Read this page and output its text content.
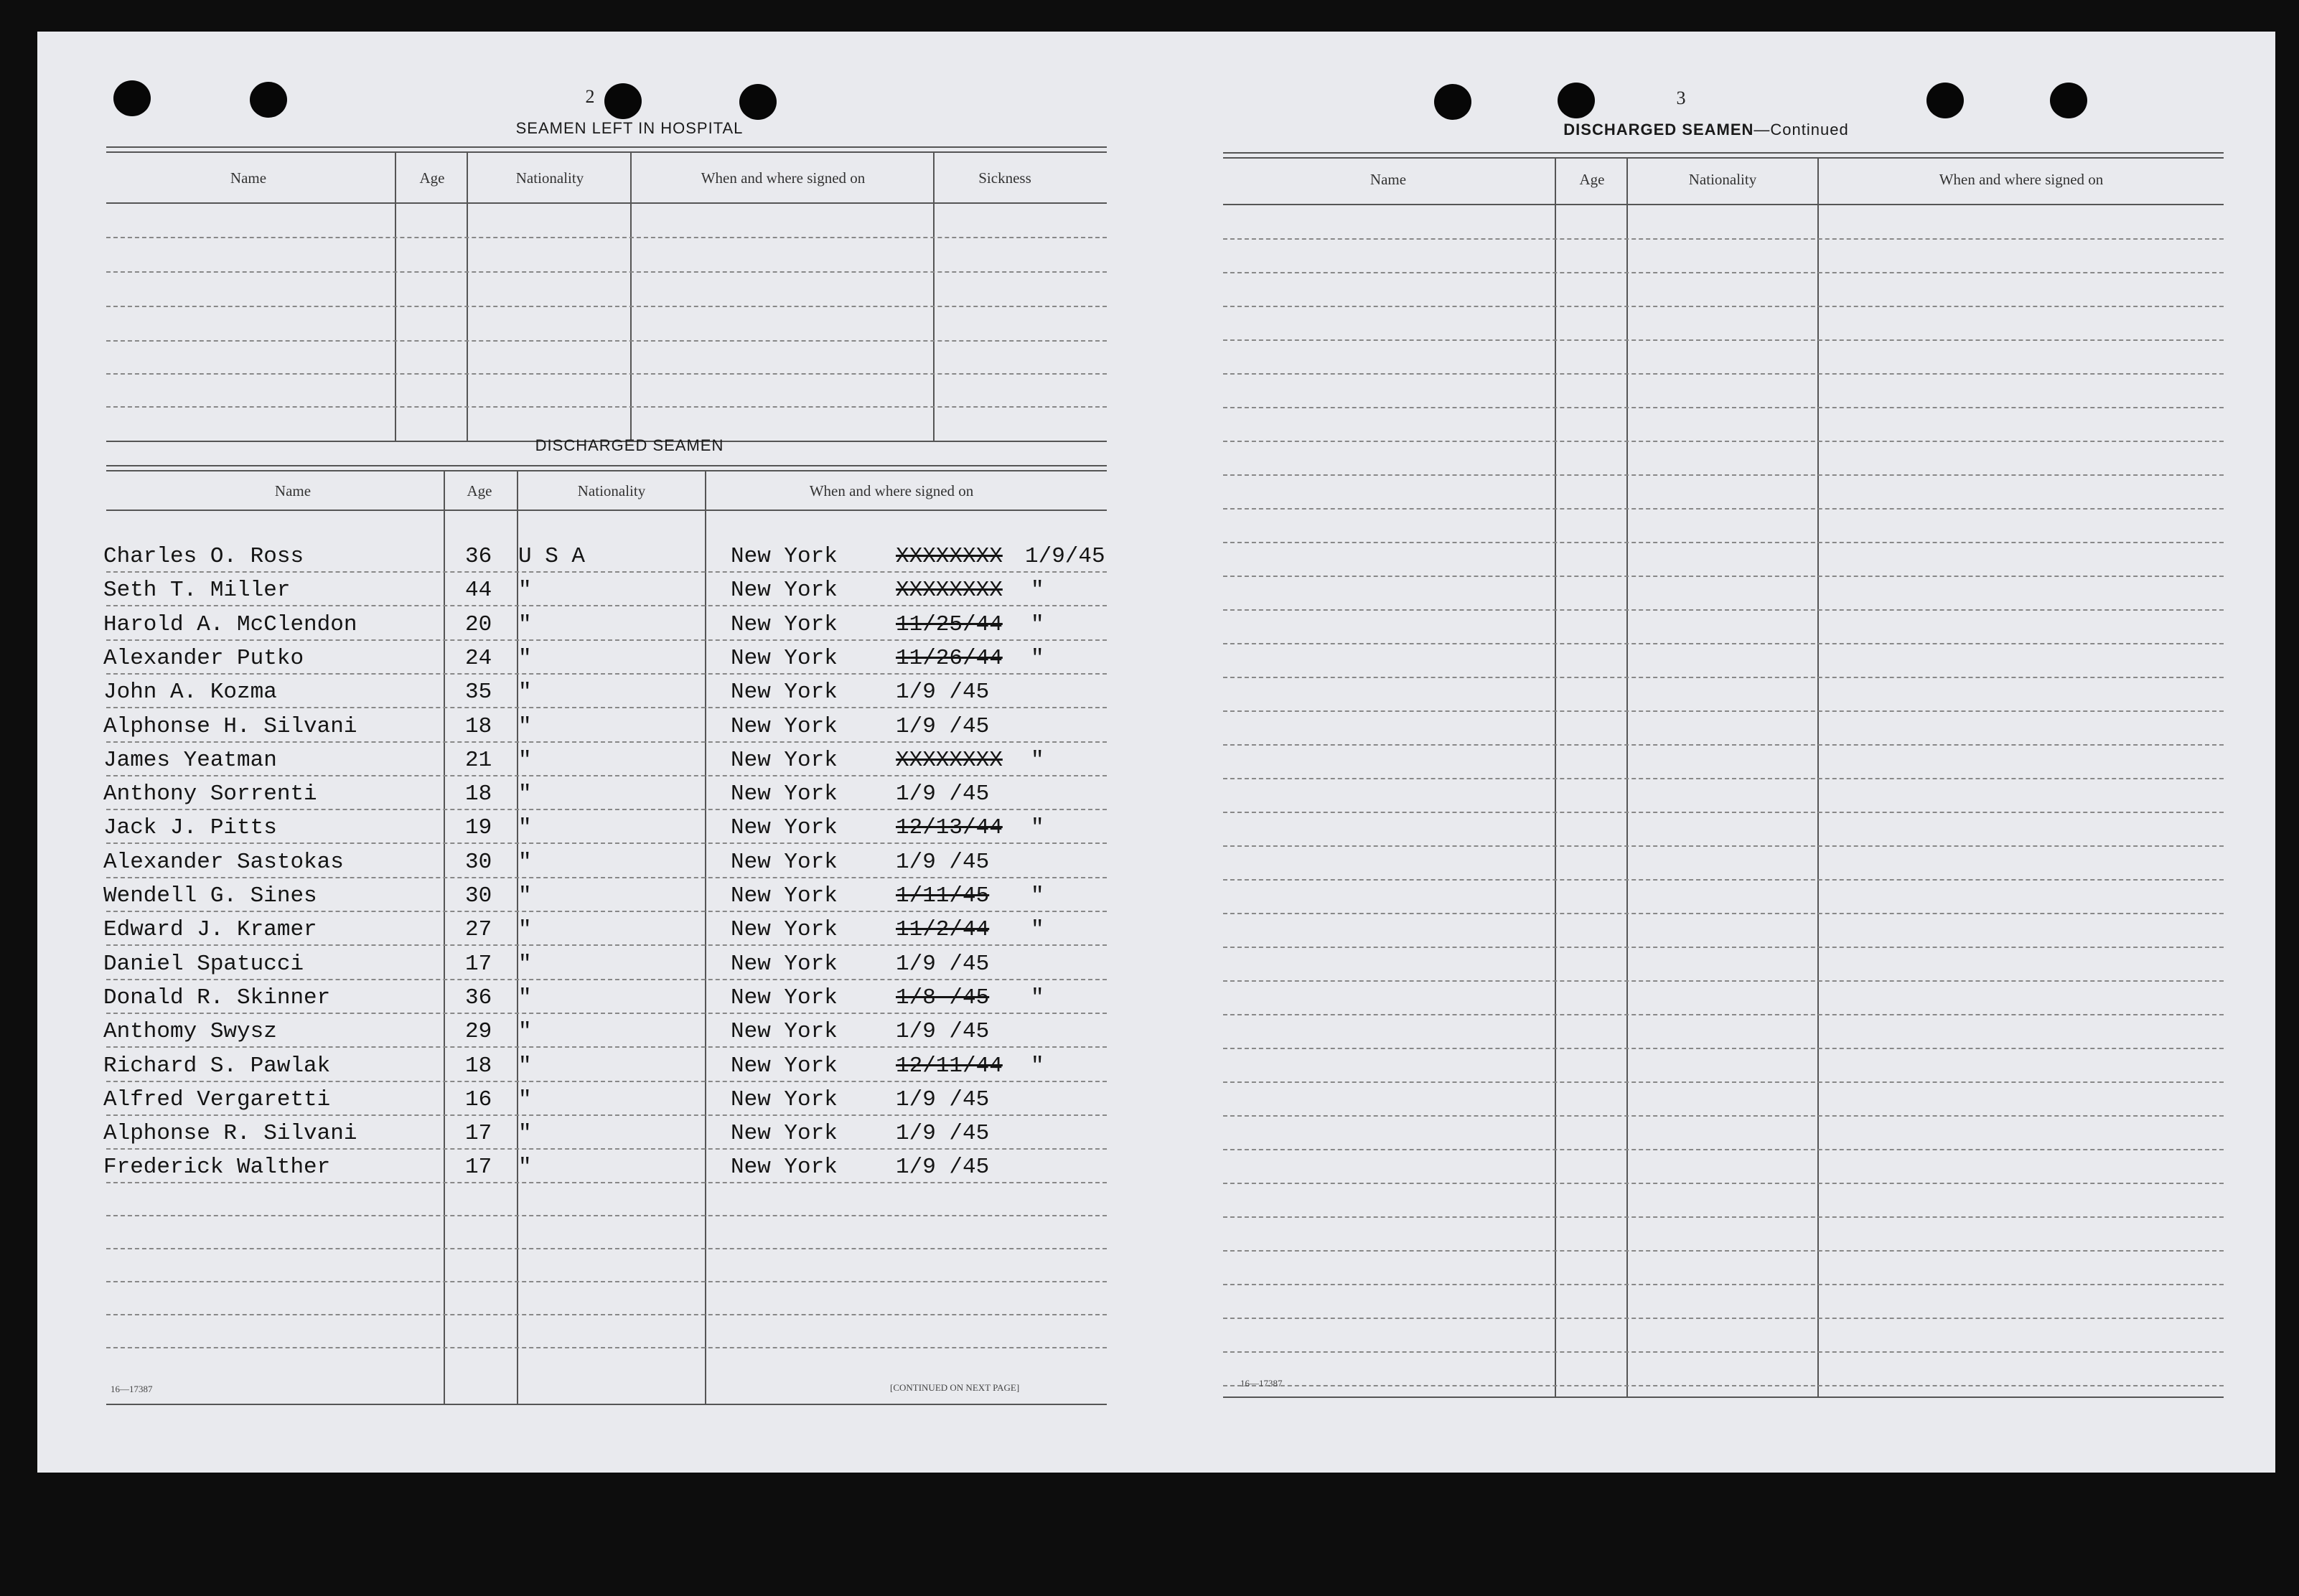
2
SEAMEN LEFT IN HOSPITAL
Name	Age	Nationality	When and where signed on	Sickness
DISCHARGED SEAMEN
Name	Age	Nationality	When and where signed on
Charles O. Ross	36 U S A	New York	XXXXXXXX 1/9/45
Seth T. Miller	44 "	New York	XXXXXXXX "
Harold A. McClendon	20 "	New York	11/25/44 "
Alexander Putko	24 "	New York	11/26/44 "
John A. Kozma	35 "	New York	1/9 /45
Alphonse H. Silvani	18 "	New York	1/9 /45
James Yeatman	21 "	New York	XXXXXXXX "
Anthony Sorrenti	18 "	New York	1/9 /45
Jack J. Pitts	19 "	New York	12/13/44 "
Alexander Sastokas	30 "	New York	1/9 /45
Wendell G. Sines	30 "	New York	1/11/45 "
Edward J. Kramer	27 "	New York	11/2/44 "
Daniel Spatucci	17 "	New York	1/9 /45
Donald R. Skinner	36 "	New York	1/8 /45 "
Anthomy Swysz	29 "	New York	1/9 /45
Richard S. Pawlak	18 "	New York	12/11/44 "
Alfred Vergaretti	16 "	New York	1/9 /45
Alphonse R. Silvani	17 "	New York	1/9 /45
Frederick Walther	17 "	New York	1/9 /45
16—17387	[CONTINUED ON NEXT PAGE]
3
DISCHARGED SEAMEN—Continued
Name	Age	Nationality	When and where signed on
16—17387
